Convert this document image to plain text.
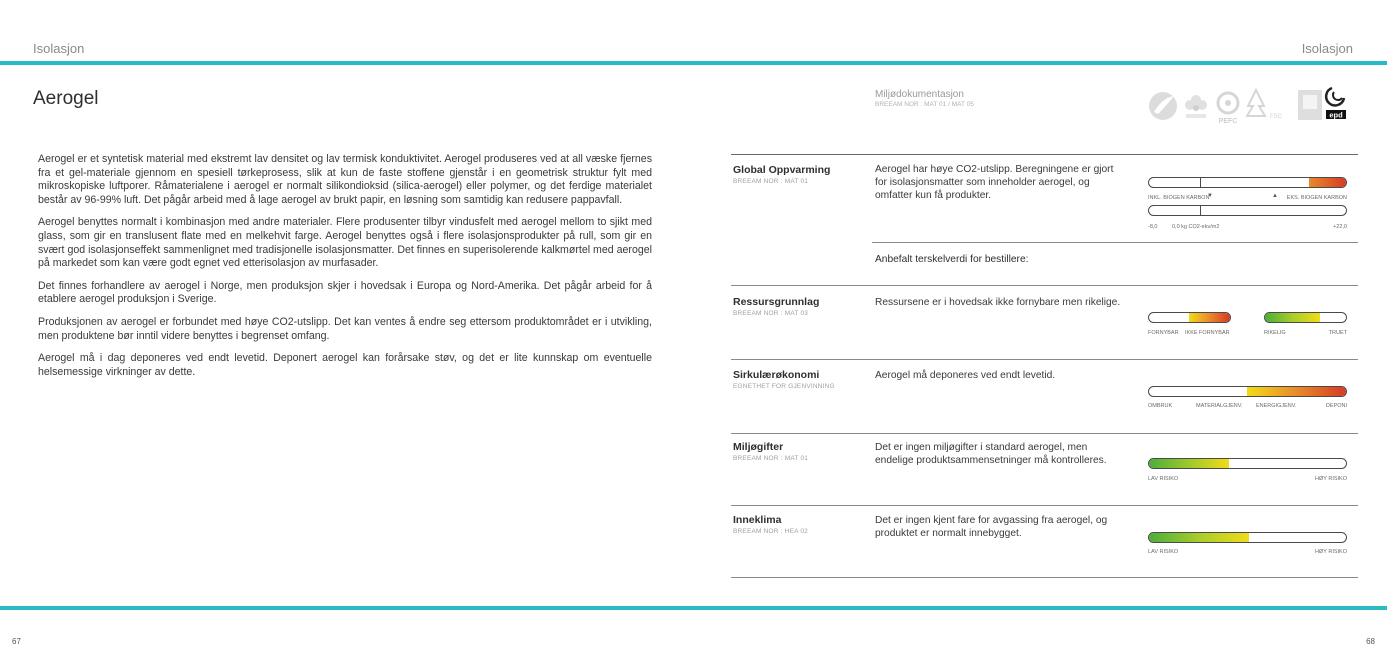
Isolasjon	Isolasjon
Aerogel

Aerogel er et syntetisk material med ekstremt lav densitet og lav termisk konduktivitet. Aerogel produseres ved at all væske fjernes fra et gel-materiale gjennom en spesiell tørkeprosess, slik at kun de faste stoffene gjenstår i en geometrisk struktur fylt med mikroskopiske luftporer. Råmaterialene i aerogel er normalt silikondioksid (silica-aerogel) eller polymer, og det ferdige materialet består av 96-99% luft. Det pågår arbeid med å lage aerogel av brukt papir, en løsning som samtidig kan redusere pappavfall.

Aerogel benyttes normalt i kombinasjon med andre materialer. Flere produsenter tilbyr vindusfelt med aerogel mellom to sjikt med glass, som gir en translusent flate med en melkehvit farge. Aerogel benyttes også i flere isolasjonsprodukter på rull, som gir en svært god isolasjonseffekt sammenlignet med tradisjonelle isolasjonsmatter. Det finnes en superisolerende kalkmørtel med aerogel på markedet som kan være godt egnet ved etterisolasjon av murfasader.

Det finnes forhandlere av aerogel i Norge, men produksjon skjer i hovedsak i Europa og Nord-Amerika. Det pågår arbeid for å etablere aerogel produksjon i Sverige.

Produksjonen av aerogel er forbundet med høye CO2-utslipp. Det kan ventes å endre seg ettersom produktområdet er i utvikling, men produktene bør inntil videre benyttes i begrenset omfang.

Aerogel må i dag deponeres ved endt levetid. Deponert aerogel kan forårsake støv, og det er lite kunnskap om eventuelle helsemessige virkninger av dette.

Miljødokumentasjon
BREEAM NOR : MAT 01 / MAT 05
PEFC
FSC	epd
Global Oppvarming
BREEAM NOR : MAT 01
Aerogel har høye CO2-utslipp. Beregningene er gjort for isolasjonsmatter som inneholder aerogel, og omfatter kun få produkter.	INKL. BIOGEN KARBON
▼	▲ EKS. BIOGEN KARBON
-8,0	0,0 kg CO2-ekv/m2	+22,0
Anbefalt terskelverdi for bestillere:
Ressursgrunnlag
BREEAM NOR : MAT 03
Ressursene er i hovedsak ikke fornybare men rikelige.
FORNYBAR IKKE FORNYBAR	RIKELIG	TRUET
Sirkulærøkonomi
EGNETHET FOR GJENVINNING
Aerogel må deponeres ved endt levetid.
OMBRUK	MATERIALGJENV. ENERGIGJENV.	DEPONI
Miljøgifter
BREEAM NOR : MAT 01
Det er ingen miljøgifter i standard aerogel, men endelige produktsammensetninger må kontrolleres.
LAV RISIKO	HØY RISIKO
Inneklima
BREEAM NOR : HEA 02
Det er ingen kjent fare for avgassing fra aerogel, og produktet er normalt innebygget.
LAV RISIKO	HØY RISIKO
67	68
